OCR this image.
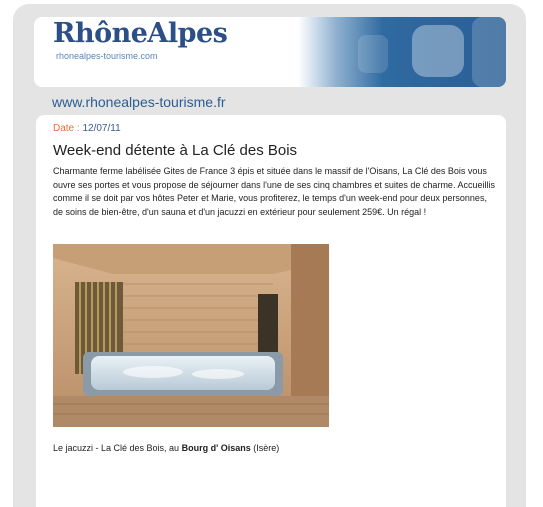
RhôneAlpes
rhonealpes-tourisme.com
www.rhonealpes-tourisme.fr
Date : 12/07/11
Week-end détente à La Clé des Bois

Charmante ferme labélisée Gites de France 3 épis et située dans le massif de l'Oisans, La Clé des Bois vous ouvre ses portes et vous propose de séjourner dans l'une de ses cinq chambres et suites de charme. Accueillis comme il se doit par vos hôtes Peter et Marie, vous profiterez, le temps d'un week-end pour deux personnes, de soins de bien-être, d'un sauna et d'un jacuzzi en extérieur pour seulement 259€. Un régal !

Le jacuzzi - La Clé des Bois, au Bourg d' Oisans (Isère)
